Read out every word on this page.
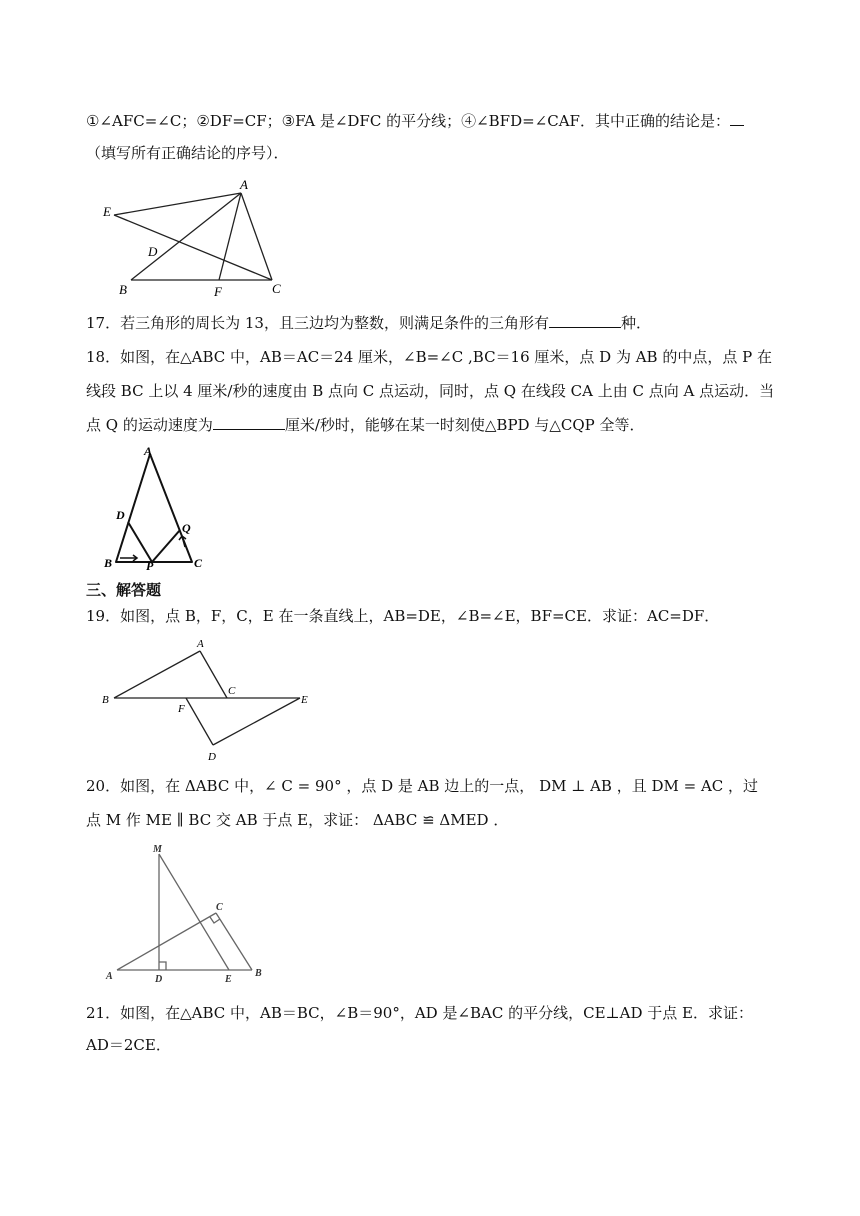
①∠AFC=∠C；②DF=CF；③FA 是∠DFC 的平分线；④∠BFD=∠CAF．其中正确的结论是：
（填写所有正确结论的序号）．
A
E
D
B	F	C
17．若三角形的周长为 13，且三边均为整数，则满足条件的三角形有	种．
18．如图，在△ABC 中，AB＝AC＝24 厘米，∠B=∠C ,BC＝16 厘米，点 D 为 AB 的中点，点 P 在
线段 BC 上以 4 厘米/秒的速度由 B 点向 C 点运动，同时，点 Q 在线段 CA 上由 C 点向 A 点运动．当
点 Q 的运动速度为	厘米/秒时，能够在某一时刻使△BPD 与△CQP 全等．
A
D
Q
B	P	C
三、解答题
19．如图，点 B，F，C，E 在一条直线上，AB=DE，∠B=∠E，BF=CE．求证：AC=DF．
A
B
C
F
E
D
20．如图，在 ΔABC 中，∠ C = 90° ，点 D 是 AB 边上的一点， DM ⊥ AB ，且 DM = AC ，过
点 M 作 ME ∥ BC 交 AB 于点 E，求证： ΔABC ≌ ΔMED ．
M
C
A	D	E
B
21．如图，在△ABC 中，AB＝BC，∠B＝90°，AD 是∠BAC 的平分线，CE⊥AD 于点 E．求证：
AD＝2CE．
